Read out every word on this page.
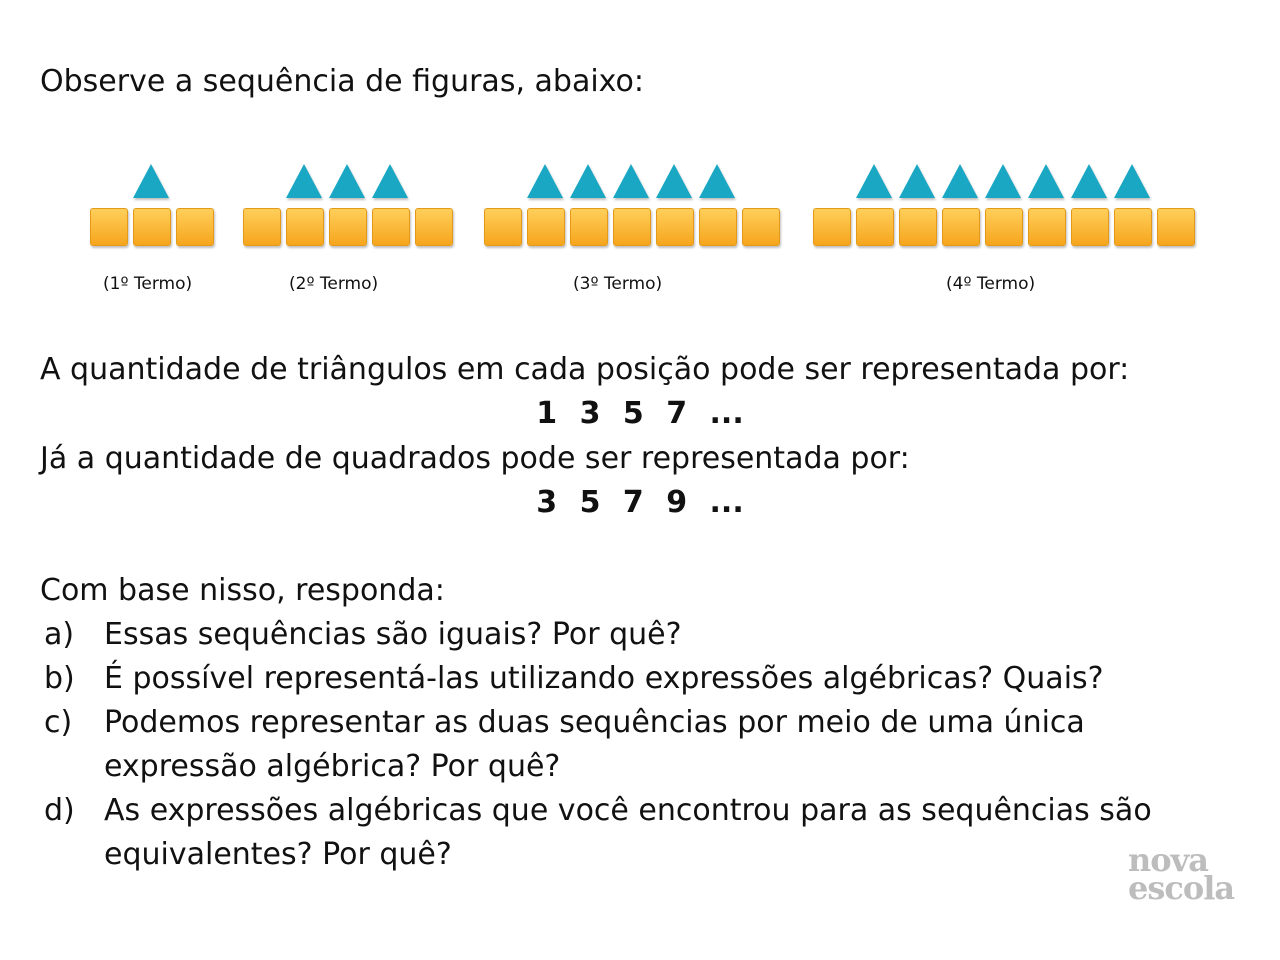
Observe a sequência de figuras, abaixo:
(1º Termo)	(2º Termo)	(3º Termo)	(4º Termo)
A quantidade de triângulos em cada posição pode ser representada por:
1 3 5 7 ...
Já a quantidade de quadrados pode ser representada por:
3 5 7 9 ...
Com base nisso, responda:
a) Essas sequências são iguais? Por quê?
b) É possível representá-las utilizando expressões algébricas? Quais?
c) Podemos representar as duas sequências por meio de uma única expressão algébrica? Por quê?
d) As expressões algébricas que você encontrou para as sequências são equivalentes? Por quê?	nova
escola
